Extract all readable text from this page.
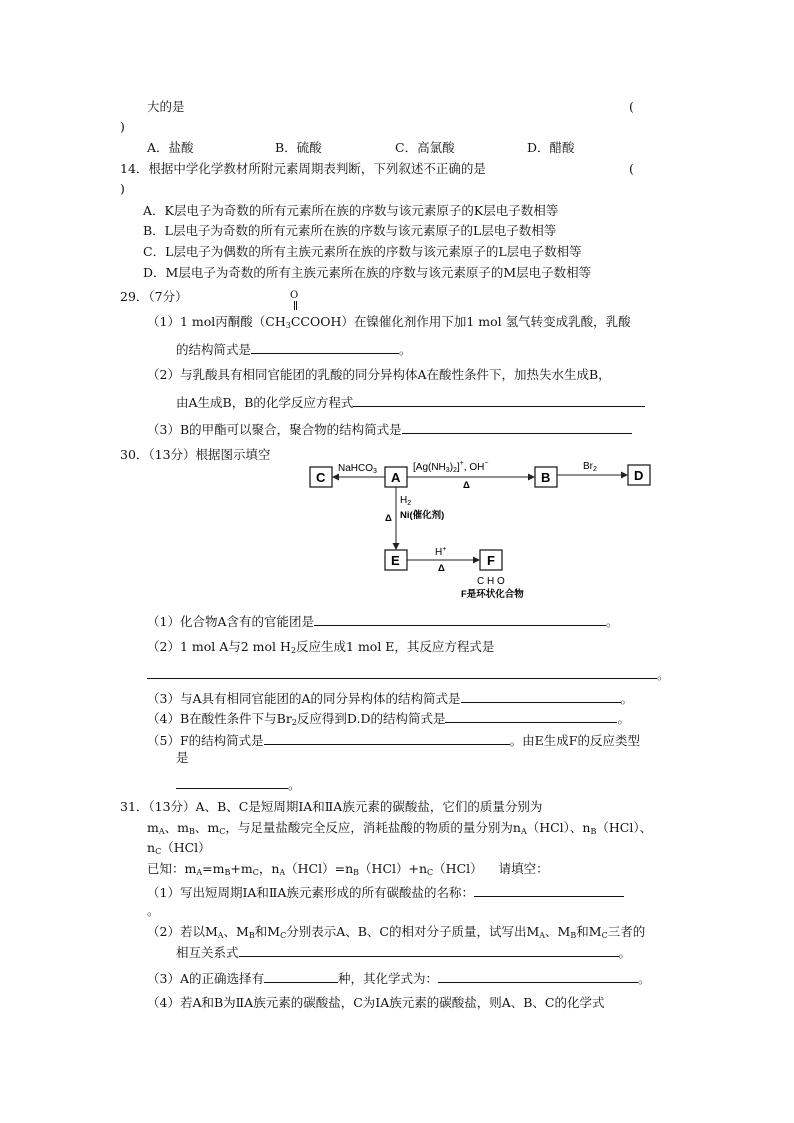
大的是	(
)
A．盐酸	B．硫酸	C．高氯酸	D．醋酸
14．根据中学化学教材所附元素周期表判断，下列叙述不正确的是	(
)
A．K层电子为奇数的所有元素所在族的序数与该元素原子的K层电子数相等
B．L层电子为奇数的所有元素所在族的序数与该元素原子的L层电子数相等
C．L层电子为偶数的所有主族元素所在族的序数与该元素原子的L层电子数相等
D．M层电子为奇数的所有主族元素所在族的序数与该元素原子的M层电子数相等
29．（7分）	O
（1）1 mol丙酮酸$(CH_3CCOOH)$在镍催化剂作用下加1 mol 氢气转变成乳酸，乳酸
的结构简式是	。
（2）与乳酸具有相同官能团的乳酸的同分异构体A在酸性条件下，加热失水生成B，
由A生成B，B的化学反应方程式
（3）B的甲酯可以聚合，聚合物的结构简式是
30．（13分）根据图示填空
C	A	B	D
E	F
NaHCO$_3$	$[Ag(NH_3)_2]^+$, OH−
Δ
$Br_2$
$H_2$
Ni(催化剂)
Δ
H+
Δ
C H O
F是环状化合物
（1）化合物A含有的官能团是	。
（2）1 mol A与2 mol $H_2$反应生成1 mol E，其反应方程式是
。
（3）与A具有相同官能团的A的同分异构体的结构简式是	。
（4）B在酸性条件下与$Br_2$反应得到D.D的结构简式是	。
（5）F的结构简式是	。由E生成F的反应类型
是
。
31．（13分）A、B、C是短周期ⅠA和ⅡA族元素的碳酸盐，它们的质量分别为
$m_A$、$m_B$、$m_C$，与足量盐酸完全反应，消耗盐酸的物质的量分别为$n_A(HCl)$、$n_B(HCl)$、
$n_C(HCl)$
已知：$m_A=m_B+m_C$，$n_A(HCl)=n_B(HCl)+n_C(HCl)$ 请填空：
（1）写出短周期ⅠA和ⅡA族元素形成的所有碳酸盐的名称：
。
（2）若以$M_A$、$M_B$和$M_C$分别表示A、B、C的相对分子质量，试写出$M_A$、$M_B$和$M_C$三者的
相互关系式	。
（3）A的正确选择有	种，其化学式为：	。
（4）若A和B为ⅡA族元素的碳酸盐，C为ⅠA族元素的碳酸盐，则A、B、C的化学式
